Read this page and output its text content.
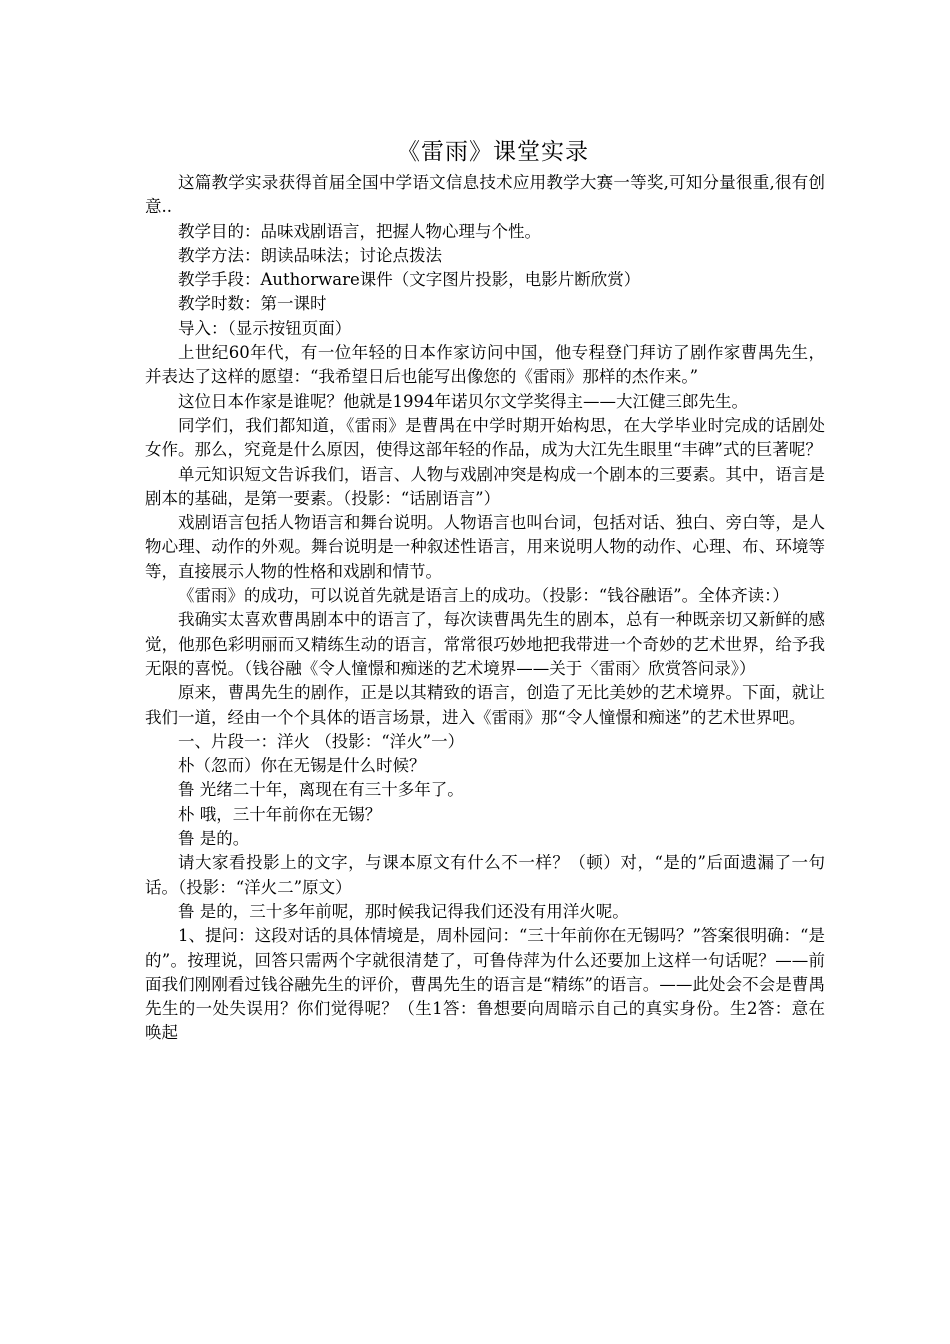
《雷雨》课堂实录

这篇教学实录获得首届全国中学语文信息技术应用教学大赛一等奖,可知分量很重,很有创意..

教学目的：品味戏剧语言，把握人物心理与个性。

教学方法：朗读品味法；讨论点拨法

教学手段：Authorware课件（文字图片投影，电影片断欣赏）

教学时数：第一课时

导入：（显示按钮页面）

上世纪60年代，有一位年轻的日本作家访问中国，他专程登门拜访了剧作家曹禺先生，并表达了这样的愿望：“我希望日后也能写出像您的《雷雨》那样的杰作来。”

这位日本作家是谁呢？他就是1994年诺贝尔文学奖得主——大江健三郎先生。

同学们，我们都知道，《雷雨》是曹禺在中学时期开始构思，在大学毕业时完成的话剧处女作。那么，究竟是什么原因，使得这部年轻的作品，成为大江先生眼里“丰碑”式的巨著呢？

单元知识短文告诉我们，语言、人物与戏剧冲突是构成一个剧本的三要素。其中，语言是剧本的基础，是第一要素。（投影：“话剧语言”）

戏剧语言包括人物语言和舞台说明。人物语言也叫台词，包括对话、独白、旁白等，是人物心理、动作的外观。舞台说明是一种叙述性语言，用来说明人物的动作、心理、布、环境等等，直接展示人物的性格和戏剧和情节。

《雷雨》的成功，可以说首先就是语言上的成功。（投影：“钱谷融语”。全体齐读：）

我确实太喜欢曹禺剧本中的语言了，每次读曹禺先生的剧本，总有一种既亲切又新鲜的感觉，他那色彩明丽而又精练生动的语言，常常很巧妙地把我带进一个奇妙的艺术世界，给予我无限的喜悦。（钱谷融《令人憧憬和痴迷的艺术境界——关于〈雷雨〉欣赏答问录》）

原来，曹禺先生的剧作，正是以其精致的语言，创造了无比美妙的艺术境界。下面，就让我们一道，经由一个个具体的语言场景，进入《雷雨》那“令人憧憬和痴迷”的艺术世界吧。

一、片段一：洋火 （投影：“洋火”一）

朴（忽而）你在无锡是什么时候？

鲁 光绪二十年，离现在有三十多年了。

朴 哦，三十年前你在无锡？

鲁 是的。

请大家看投影上的文字，与课本原文有什么不一样？（顿）对，“是的”后面遗漏了一句话。（投影：“洋火二”原文）

鲁 是的，三十多年前呢，那时候我记得我们还没有用洋火呢。

1、提问：这段对话的具体情境是，周朴园问：“三十年前你在无锡吗？”答案很明确：“是的”。按理说，回答只需两个字就很清楚了，可鲁侍萍为什么还要加上这样一句话呢？——前面我们刚刚看过钱谷融先生的评价，曹禺先生的语言是“精练”的语言。——此处会不会是曹禺先生的一处失误用？你们觉得呢？（生1答：鲁想要向周暗示自己的真实身份。生2答：意在唤起
